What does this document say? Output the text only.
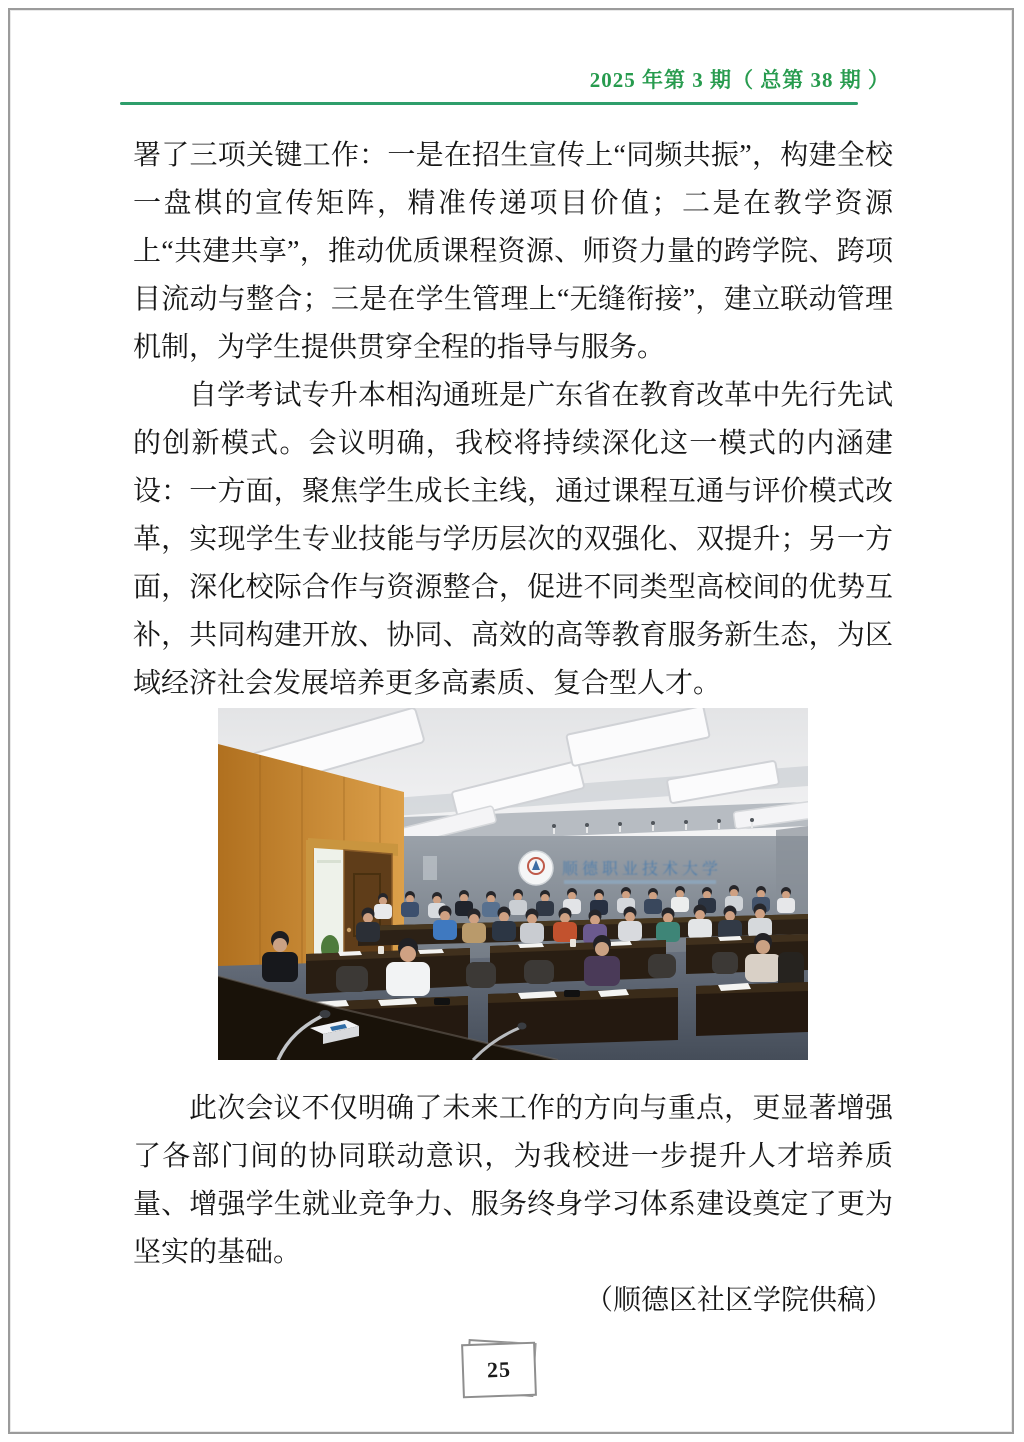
2025 年第 3 期（ 总第 38 期 ）

署了三项关键工作：一是在招生宣传上“同频共振”，构建全校一盘棋的宣传矩阵，精准传递项目价值；二是在教学资源上“共建共享”，推动优质课程资源、师资力量的跨学院、跨项目流动与整合；三是在学生管理上“无缝衔接”，建立联动管理机制，为学生提供贯穿全程的指导与服务。

自学考试专升本相沟通班是广东省在教育改革中先行先试的创新模式。会议明确，我校将持续深化这一模式的内涵建设：一方面，聚焦学生成长主线，通过课程互通与评价模式改革，实现学生专业技能与学历层次的双强化、双提升；另一方面，深化校际合作与资源整合，促进不同类型高校间的优势互补，共同构建开放、协同、高效的高等教育服务新生态，为区域经济社会发展培养更多高素质、复合型人才。

顺德职业技术大学

此次会议不仅明确了未来工作的方向与重点，更显著增强了各部门间的协同联动意识，为我校进一步提升人才培养质量、增强学生就业竞争力、服务终身学习体系建设奠定了更为坚实的基础。

（顺德区社区学院供稿）

25
